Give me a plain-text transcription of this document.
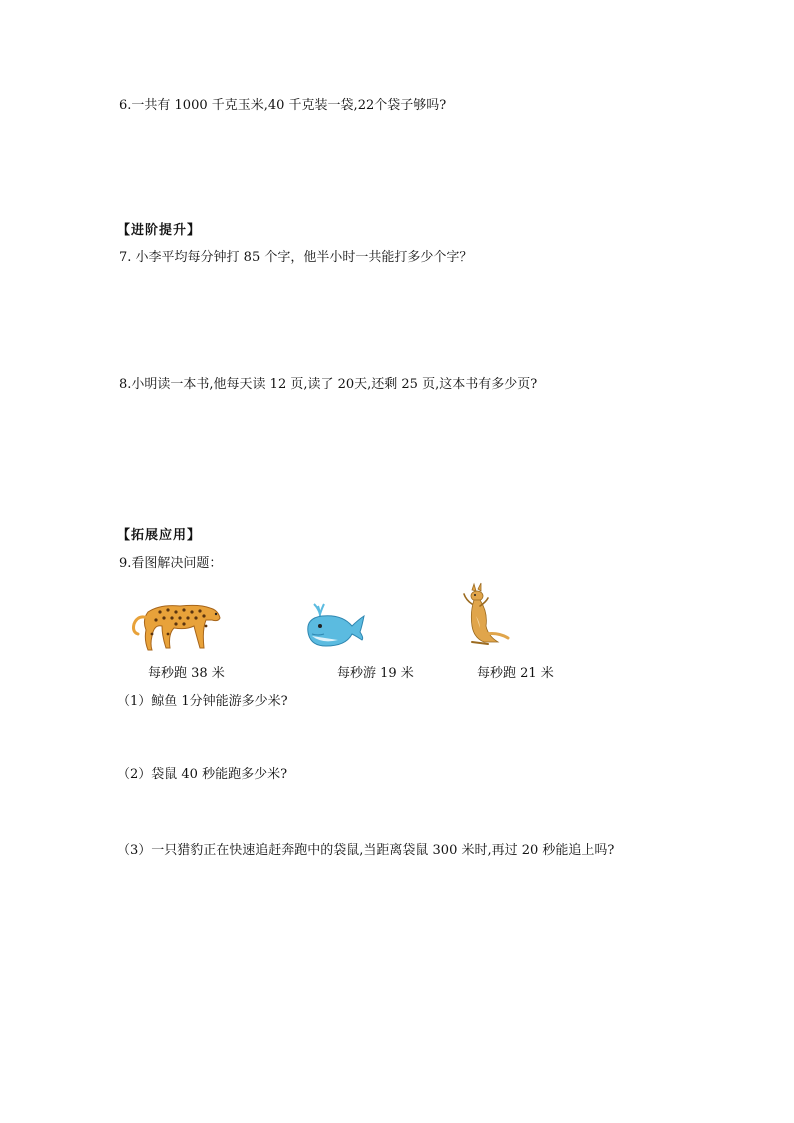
6.一共有 1000 千克玉米,40 千克装一袋,22个袋子够吗?
【进阶提升】
7. 小李平均每分钟打 85 个字，他半小时一共能打多少个字？
8.小明读一本书,他每天读 12 页,读了 20天,还剩 25 页,这本书有多少页?
【拓展应用】
9.看图解决问题：
每秒跑 38 米	每秒游 19 米	每秒跑 21 米
（1）鲸鱼 1分钟能游多少米?
（2）袋鼠 40 秒能跑多少米?
（3）一只猎豹正在快速追赶奔跑中的袋鼠,当距离袋鼠 300 米时,再过 20 秒能追上吗?
